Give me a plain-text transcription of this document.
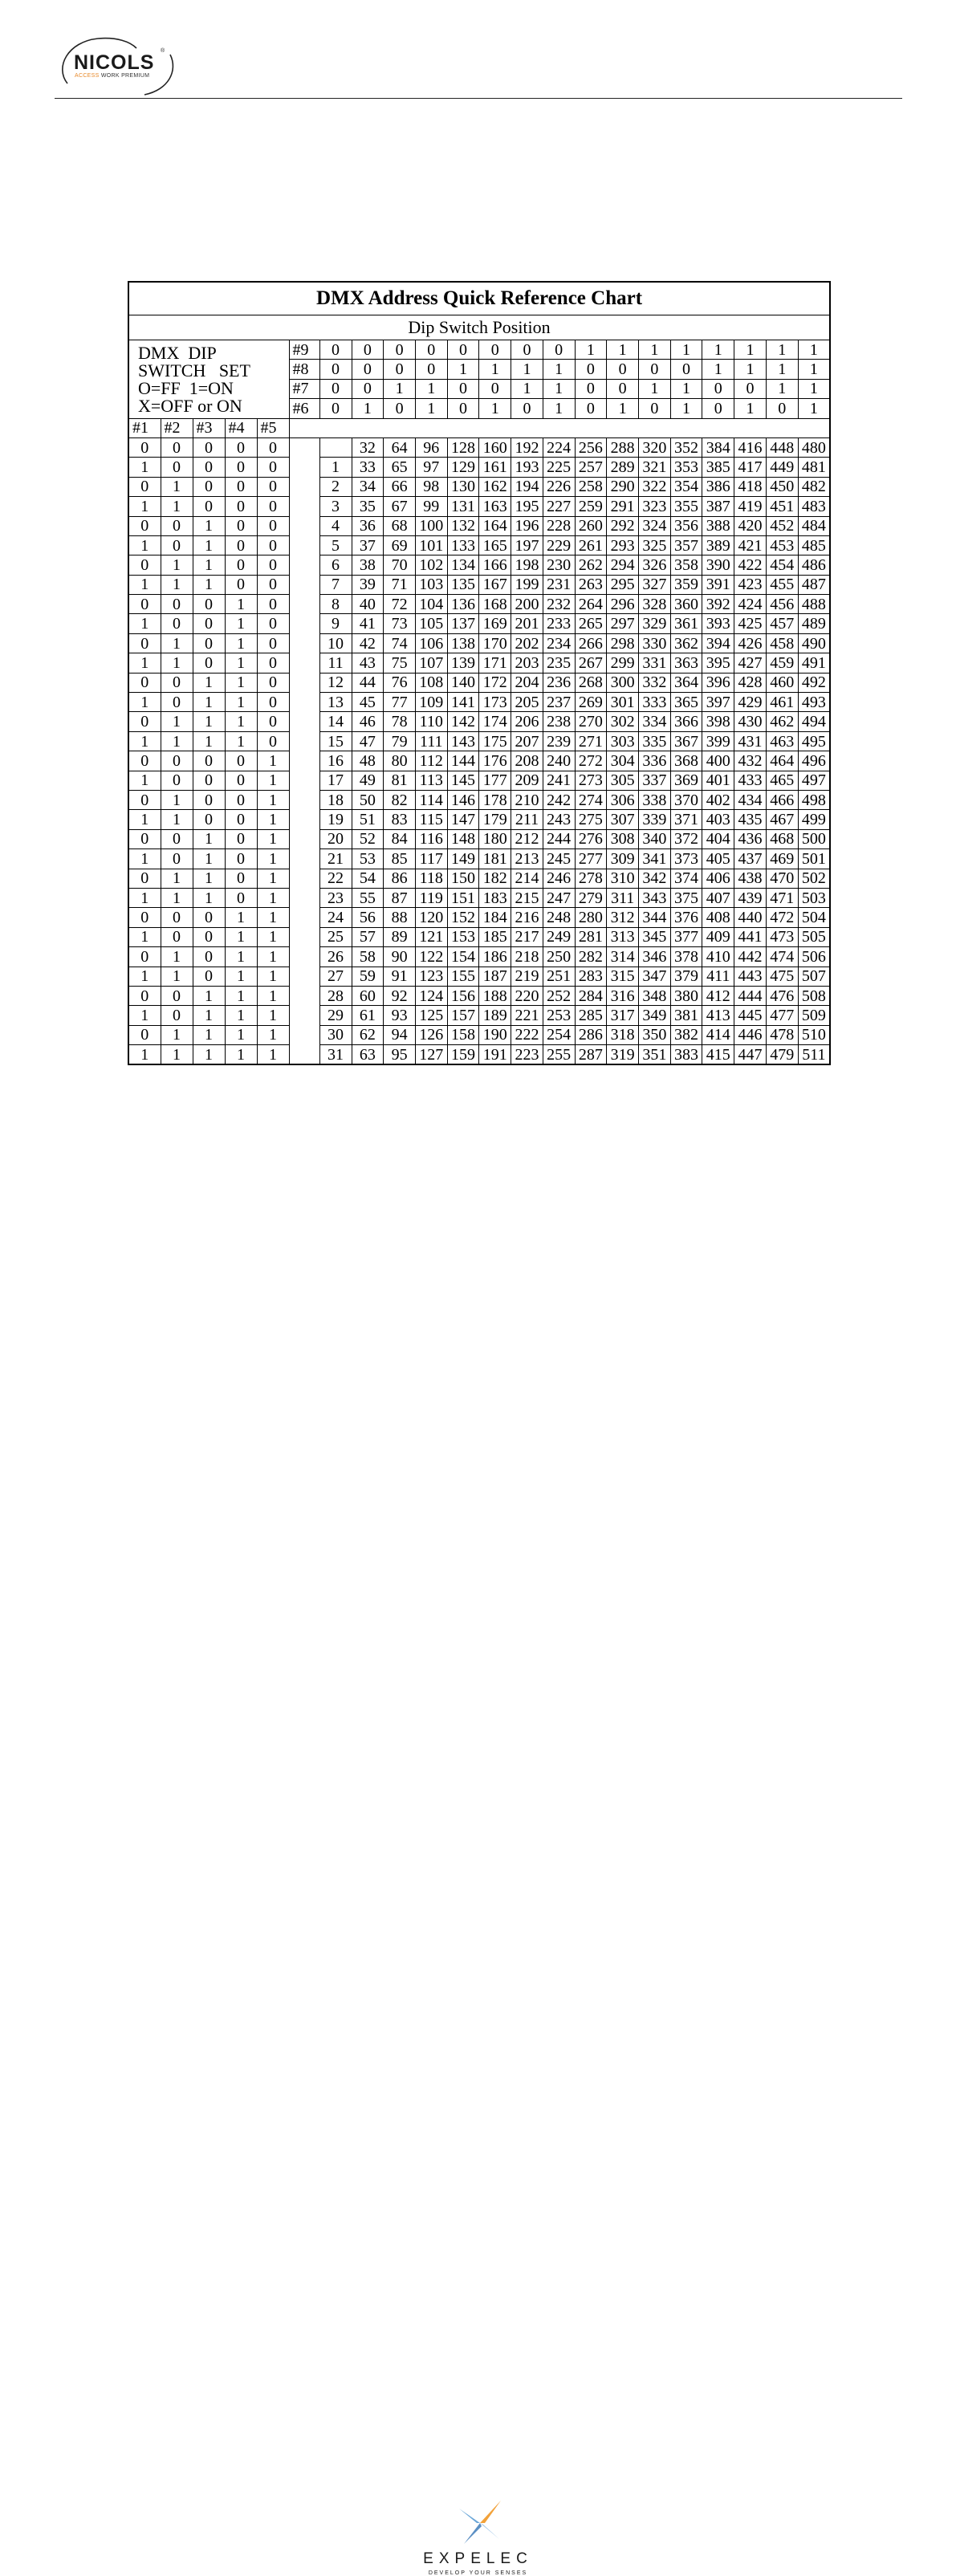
NICOLS
®
ACCESS WORK PREMIUM
DMX Address Quick Reference Chart																					
Dip Switch Position																					

DMX  DIP
SWITCH   SET
O=FF  1=ON
X=OFF or ON					#9	0	0	0	0	0	0	0	0	1	1	1	1	1	1	1	1
					#8	0	0	0	0	1	1	1	1	0	0	0	0	1	1	1	1
					#7	0	0	1	1	0	0	1	1	0	0	1	1	0	0	1	1
					#6	0	1	0	1	0	1	0	1	0	1	0	1	0	1	0	1
#1	#2	#3	#4	#5																	
0	0	0	0	0			32	64	96	128	160	192	224	256	288	320	352	384	416	448	480
1	0	0	0	0		1	33	65	97	129	161	193	225	257	289	321	353	385	417	449	481
0	1	0	0	0		2	34	66	98	130	162	194	226	258	290	322	354	386	418	450	482
1	1	0	0	0		3	35	67	99	131	163	195	227	259	291	323	355	387	419	451	483
0	0	1	0	0		4	36	68	100	132	164	196	228	260	292	324	356	388	420	452	484
1	0	1	0	0		5	37	69	101	133	165	197	229	261	293	325	357	389	421	453	485
0	1	1	0	0		6	38	70	102	134	166	198	230	262	294	326	358	390	422	454	486
1	1	1	0	0		7	39	71	103	135	167	199	231	263	295	327	359	391	423	455	487
0	0	0	1	0		8	40	72	104	136	168	200	232	264	296	328	360	392	424	456	488
1	0	0	1	0		9	41	73	105	137	169	201	233	265	297	329	361	393	425	457	489
0	1	0	1	0		10	42	74	106	138	170	202	234	266	298	330	362	394	426	458	490
1	1	0	1	0		11	43	75	107	139	171	203	235	267	299	331	363	395	427	459	491
0	0	1	1	0		12	44	76	108	140	172	204	236	268	300	332	364	396	428	460	492
1	0	1	1	0		13	45	77	109	141	173	205	237	269	301	333	365	397	429	461	493
0	1	1	1	0		14	46	78	110	142	174	206	238	270	302	334	366	398	430	462	494
1	1	1	1	0		15	47	79	111	143	175	207	239	271	303	335	367	399	431	463	495
0	0	0	0	1		16	48	80	112	144	176	208	240	272	304	336	368	400	432	464	496
1	0	0	0	1		17	49	81	113	145	177	209	241	273	305	337	369	401	433	465	497
0	1	0	0	1		18	50	82	114	146	178	210	242	274	306	338	370	402	434	466	498
1	1	0	0	1		19	51	83	115	147	179	211	243	275	307	339	371	403	435	467	499
0	0	1	0	1		20	52	84	116	148	180	212	244	276	308	340	372	404	436	468	500
1	0	1	0	1		21	53	85	117	149	181	213	245	277	309	341	373	405	437	469	501
0	1	1	0	1		22	54	86	118	150	182	214	246	278	310	342	374	406	438	470	502
1	1	1	0	1		23	55	87	119	151	183	215	247	279	311	343	375	407	439	471	503
0	0	0	1	1		24	56	88	120	152	184	216	248	280	312	344	376	408	440	472	504
1	0	0	1	1		25	57	89	121	153	185	217	249	281	313	345	377	409	441	473	505
0	1	0	1	1		26	58	90	122	154	186	218	250	282	314	346	378	410	442	474	506
1	1	0	1	1		27	59	91	123	155	187	219	251	283	315	347	379	411	443	475	507
0	0	1	1	1		28	60	92	124	156	188	220	252	284	316	348	380	412	444	476	508
1	0	1	1	1		29	61	93	125	157	189	221	253	285	317	349	381	413	445	477	509
0	1	1	1	1		30	62	94	126	158	190	222	254	286	318	350	382	414	446	478	510
1	1	1	1	1		31	63	95	127	159	191	223	255	287	319	351	383	415	447	479	511
EXPELEC
DEVELOP YOUR SENSES
